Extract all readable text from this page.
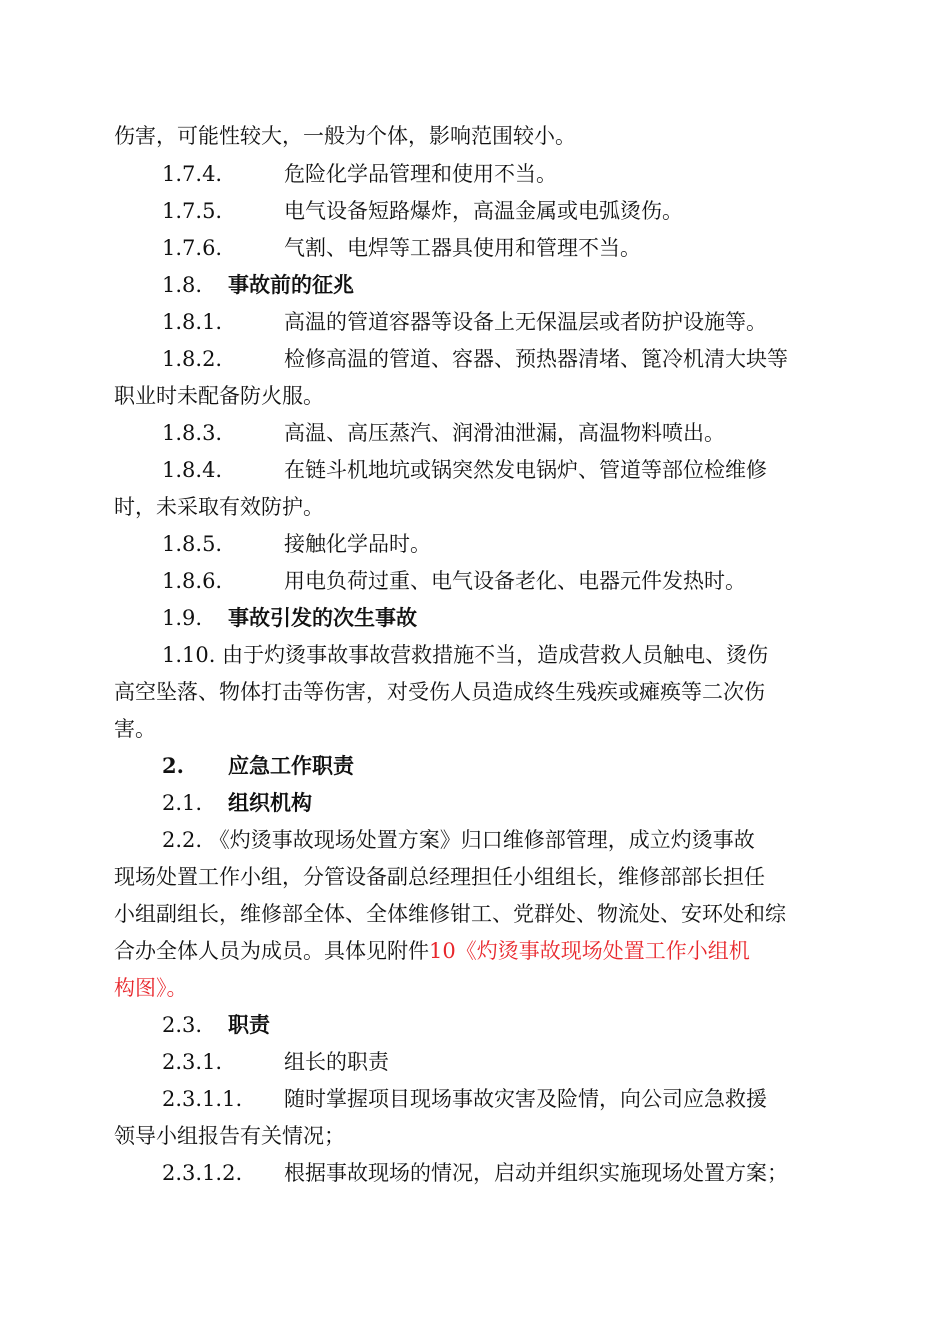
伤害，可能性较大，一般为个体，影响范围较小。
1.7.4.	危险化学品管理和使用不当。
1.7.5.	电气设备短路爆炸，高温金属或电弧烫伤。
1.7.6.	气割、电焊等工器具使用和管理不当。
1.8. 事故前的征兆
1.8.1.	高温的管道容器等设备上无保温层或者防护设施等。
1.8.2.	检修高温的管道、容器、预热器清堵、篦冷机清大块等
职业时未配备防火服。
1.8.3.	高温、高压蒸汽、润滑油泄漏，高温物料喷出。
1.8.4.	在链斗机地坑或锅突然发电锅炉、管道等部位检维修
时，未采取有效防护。
1.8.5.	接触化学品时。
1.8.6.	用电负荷过重、电气设备老化、电器元件发热时。
1.9. 事故引发的次生事故
1.10. 由于灼烫事故事故营救措施不当，造成营救人员触电、烫伤
高空坠落、物体打击等伤害，对受伤人员造成终生残疾或瘫痪等二次伤
害。
2. 应急工作职责
2.1. 组织机构
2.2. 《灼烫事故现场处置方案》归口维修部管理，成立灼烫事故
现场处置工作小组，分管设备副总经理担任小组组长，维修部部长担任
小组副组长，维修部全体、全体维修钳工、党群处、物流处、安环处和综
合办全体人员为成员。具体见附件10《灼烫事故现场处置工作小组机
构图》。
2.3. 职责
2.3.1.	组长的职责
2.3.1.1. 随时掌握项目现场事故灾害及险情，向公司应急救援
领导小组报告有关情况；
2.3.1.2. 根据事故现场的情况，启动并组织实施现场处置方案；
